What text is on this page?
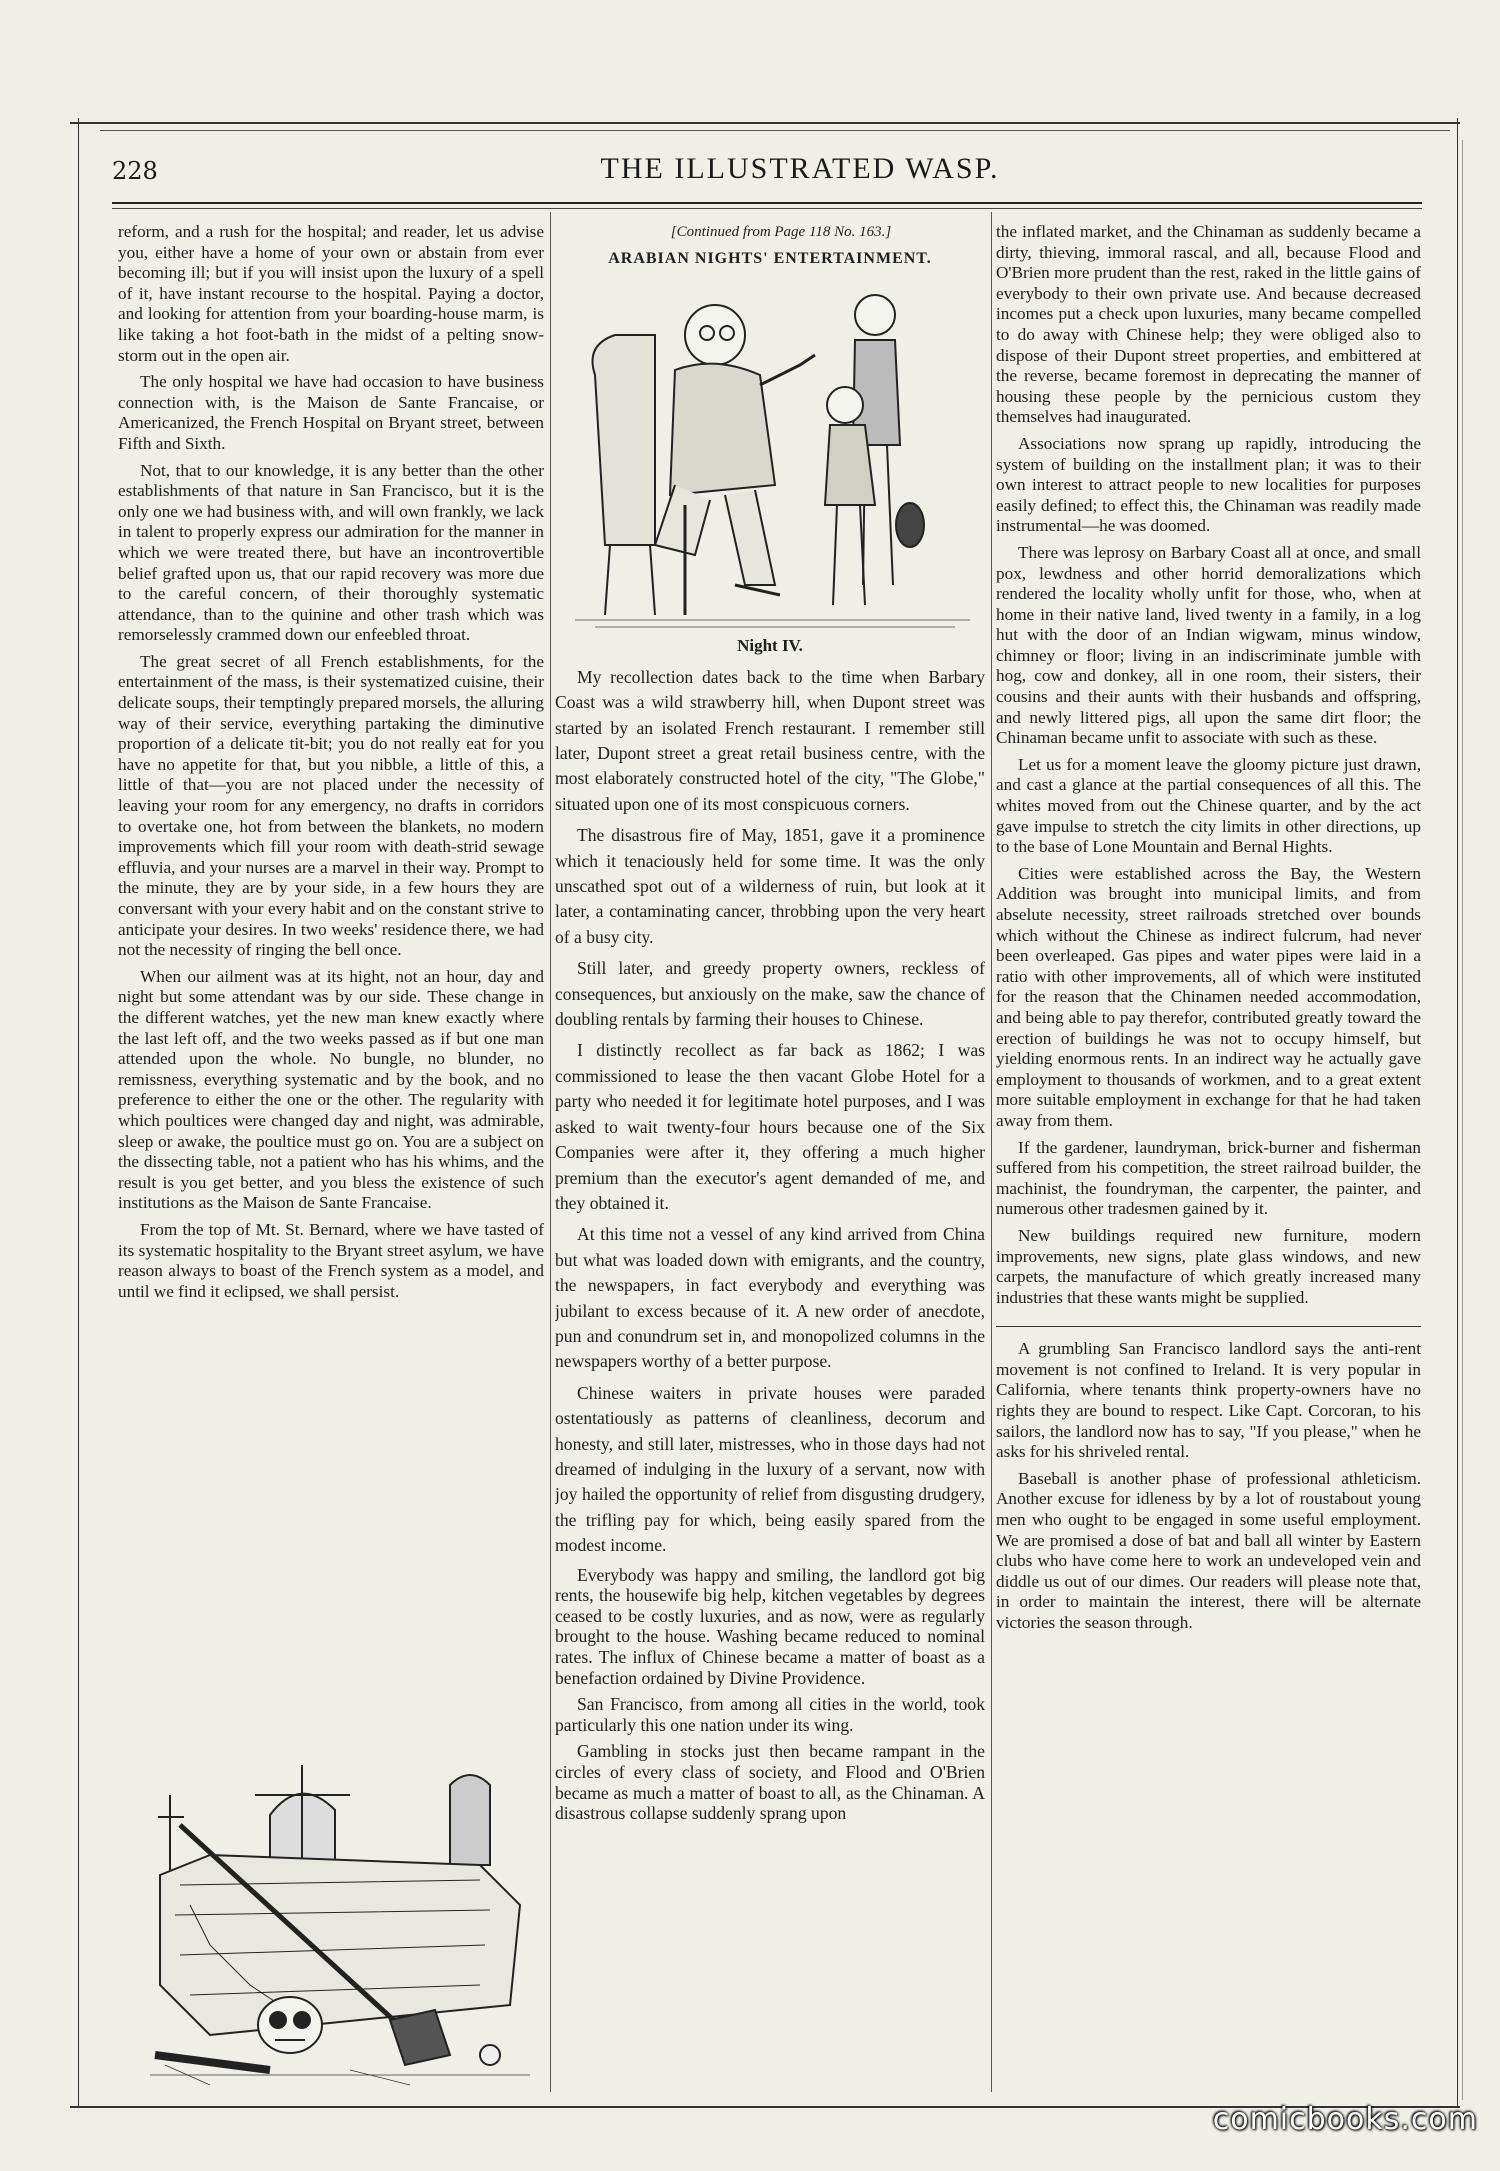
228	THE ILLUSTRATED WASP.

reform, and a rush for the hospital; and reader, let us advise you, either have a home of your own or abstain from ever becoming ill; but if you will insist upon the luxury of a spell of it, have instant recourse to the hospital. Paying a doctor, and looking for attention from your boarding-house marm, is like taking a hot foot-bath in the midst of a pelting snow-storm out in the open air.

The only hospital we have had occasion to have business connection with, is the Maison de Sante Francaise, or Americanized, the French Hospital on Bryant street, between Fifth and Sixth.

Not, that to our knowledge, it is any better than the other establishments of that nature in San Francisco, but it is the only one we had business with, and will own frankly, we lack in talent to properly express our admiration for the manner in which we were treated there, but have an incontrovertible belief grafted upon us, that our rapid recovery was more due to the careful concern, of their thoroughly systematic attendance, than to the quinine and other trash which was remorselessly crammed down our enfeebled throat.

The great secret of all French establishments, for the entertainment of the mass, is their systematized cuisine, their delicate soups, their temptingly prepared morsels, the alluring way of their service, everything partaking the diminutive proportion of a delicate tit-bit; you do not really eat for you have no appetite for that, but you nibble, a little of this, a little of that—you are not placed under the necessity of leaving your room for any emergency, no drafts in corridors to overtake one, hot from between the blankets, no modern improvements which fill your room with death-strid sewage effluvia, and your nurses are a marvel in their way. Prompt to the minute, they are by your side, in a few hours they are conversant with your every habit and on the constant strive to anticipate your desires. In two weeks' residence there, we had not the necessity of ringing the bell once.

When our ailment was at its hight, not an hour, day and night but some attendant was by our side. These change in the different watches, yet the new man knew exactly where the last left off, and the two weeks passed as if but one man attended upon the whole. No bungle, no blunder, no remissness, everything systematic and by the book, and no preference to either the one or the other. The regularity with which poultices were changed day and night, was admirable, sleep or awake, the poultice must go on. You are a subject on the dissecting table, not a patient who has his whims, and the result is you get better, and you bless the existence of such institutions as the Maison de Sante Francaise.

From the top of Mt. St. Bernard, where we have tasted of its systematic hospitality to the Bryant street asylum, we have reason always to boast of the French system as a model, and until we find it eclipsed, we shall persist.

[Continued from Page 118 No. 163.]

ARABIAN NIGHTS' ENTERTAINMENT.
Night IV.

My recollection dates back to the time when Barbary Coast was a wild strawberry hill, when Dupont street was started by an isolated French restaurant. I remember still later, Dupont street a great retail business centre, with the most elaborately constructed hotel of the city, "The Globe," situated upon one of its most conspicuous corners.

The disastrous fire of May, 1851, gave it a prominence which it tenaciously held for some time. It was the only unscathed spot out of a wilderness of ruin, but look at it later, a contaminating cancer, throbbing upon the very heart of a busy city.

Still later, and greedy property owners, reckless of consequences, but anxiously on the make, saw the chance of doubling rentals by farming their houses to Chinese.

I distinctly recollect as far back as 1862; I was commissioned to lease the then vacant Globe Hotel for a party who needed it for legitimate hotel purposes, and I was asked to wait twenty-four hours because one of the Six Companies were after it, they offering a much higher premium than the executor's agent demanded of me, and they obtained it.

At this time not a vessel of any kind arrived from China but what was loaded down with emigrants, and the country, the newspapers, in fact everybody and everything was jubilant to excess because of it. A new order of anecdote, pun and conundrum set in, and monopolized columns in the newspapers worthy of a better purpose.

Chinese waiters in private houses were paraded ostentatiously as patterns of cleanliness, decorum and honesty, and still later, mistresses, who in those days had not dreamed of indulging in the luxury of a servant, now with joy hailed the opportunity of relief from disgusting drudgery, the trifling pay for which, being easily spared from the modest income.

Everybody was happy and smiling, the landlord got big rents, the housewife big help, kitchen vegetables by degrees ceased to be costly luxuries, and as now, were as regularly brought to the house. Washing became reduced to nominal rates. The influx of Chinese became a matter of boast as a benefaction ordained by Divine Providence.

San Francisco, from among all cities in the world, took particularly this one nation under its wing.

Gambling in stocks just then became rampant in the circles of every class of society, and Flood and O'Brien became as much a matter of boast to all, as the Chinaman. A disastrous collapse suddenly sprang upon

the inflated market, and the Chinaman as suddenly became a dirty, thieving, immoral rascal, and all, because Flood and O'Brien more prudent than the rest, raked in the little gains of everybody to their own private use. And because decreased incomes put a check upon luxuries, many became compelled to do away with Chinese help; they were obliged also to dispose of their Dupont street properties, and embittered at the reverse, became foremost in deprecating the manner of housing these people by the pernicious custom they themselves had inaugurated.

Associations now sprang up rapidly, introducing the system of building on the installment plan; it was to their own interest to attract people to new localities for purposes easily defined; to effect this, the Chinaman was readily made instrumental—he was doomed.

There was leprosy on Barbary Coast all at once, and small pox, lewdness and other horrid demoralizations which rendered the locality wholly unfit for those, who, when at home in their native land, lived twenty in a family, in a log hut with the door of an Indian wigwam, minus window, chimney or floor; living in an indiscriminate jumble with hog, cow and donkey, all in one room, their sisters, their cousins and their aunts with their husbands and offspring, and newly littered pigs, all upon the same dirt floor; the Chinaman became unfit to associate with such as these.

Let us for a moment leave the gloomy picture just drawn, and cast a glance at the partial consequences of all this. The whites moved from out the Chinese quarter, and by the act gave impulse to stretch the city limits in other directions, up to the base of Lone Mountain and Bernal Hights.

Cities were established across the Bay, the Western Addition was brought into municipal limits, and from abselute necessity, street railroads stretched over bounds which without the Chinese as indirect fulcrum, had never been overleaped. Gas pipes and water pipes were laid in a ratio with other improvements, all of which were instituted for the reason that the Chinamen needed accommodation, and being able to pay therefor, contributed greatly toward the erection of buildings he was not to occupy himself, but yielding enormous rents. In an indirect way he actually gave employment to thousands of workmen, and to a great extent more suitable employment in exchange for that he had taken away from them.

If the gardener, laundryman, brick-burner and fisherman suffered from his competition, the street railroad builder, the machinist, the foundryman, the carpenter, the painter, and numerous other tradesmen gained by it.

New buildings required new furniture, modern improvements, new signs, plate glass windows, and new carpets, the manufacture of which greatly increased many industries that these wants might be supplied.

A grumbling San Francisco landlord says the anti-rent movement is not confined to Ireland. It is very popular in California, where tenants think property-owners have no rights they are bound to respect. Like Capt. Corcoran, to his sailors, the landlord now has to say, "If you please," when he asks for his shriveled rental.

Baseball is another phase of professional athleticism. Another excuse for idleness by by a lot of roustabout young men who ought to be engaged in some useful employment. We are promised a dose of bat and ball all winter by Eastern clubs who have come here to work an undeveloped vein and diddle us out of our dimes. Our readers will please note that, in order to maintain the interest, there will be alternate victories the season through.

comicbooks.com
